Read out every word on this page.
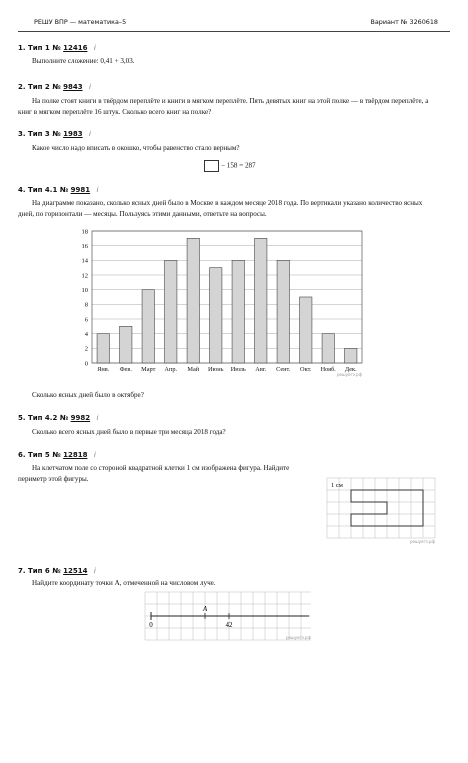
РЕШУ ВПР — математика–5	Вариант № 3260618
1. Тип 1 № 12416 i
Выполните сложение: 0,41 + 3,03.
2. Тип 2 № 9843 i
На полке стоят книги в твёрдом переплёте и книги в мягком переплёте. Пять девятых книг на этой полке — в твёрдом переплёте, а книг в мягком переплёте 16 штук. Сколько всего книг на полке?
3. Тип 3 № 1983 i
Какое число надо вписать в окошко, чтобы равенство стало верным?
− 158 = 287
4. Тип 4.1 № 9981 i
На диаграмме показано, сколько ясных дней было в Москве в каждом месяце 2018 года. По вертикали указано количество ясных дней, по горизонтали — месяцы. Пользуясь этими данными, ответьте на вопросы.
0
2
4
6
8
10
12
14
16
18
Янв. Фев. Март Апр. Май Июнь Июль Авг. Сент. Окт. Нояб. Дек.
решуегэ.рф
Сколько ясных дней было в октябре?
5. Тип 4.2 № 9982 i
Сколько всего ясных дней было в первые три месяца 2018 года?
6. Тип 5 № 12818 i
На клетчатом поле со стороной квадратной клетки 1 см изображена фигура. Найдите периметр этой фигуры.
1 см
решуегэ.рф
7. Тип 6 № 12514 i
Найдите координату точки A, отмеченной на числовом луче.
0
A
42
решуегэ.рф
